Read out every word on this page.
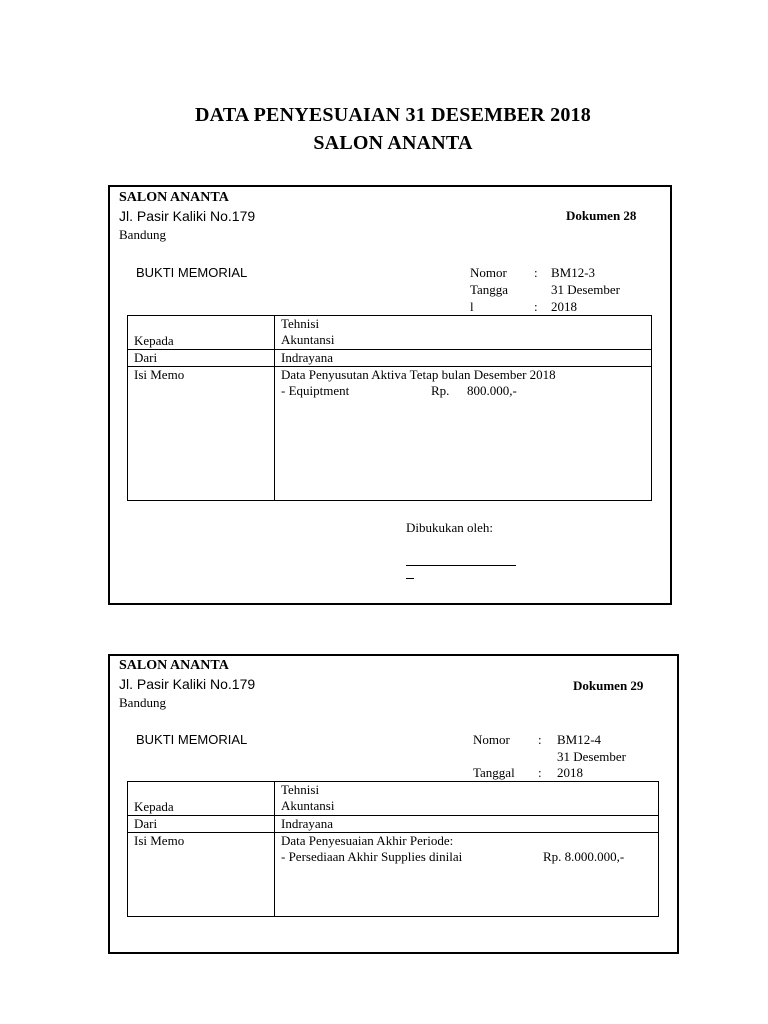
DATA PENYESUAIAN 31 DESEMBER 2018
SALON ANANTA
SALON ANANTA
Jl. Pasir Kaliki No.179
Bandung
Dokumen 28
BUKTI MEMORIAL	Nomor : BM12-3
Tangga
l	:
31 Desember
2018
Kepada	Tehnisi
Akuntansi

Dari	Indrayana
Isi Memo	Data Penyusutan Aktiva Tetap bulan Desember 2018
- Equiptment Rp. 800.000,-
Dibukukan oleh:
SALON ANANTA
Jl. Pasir Kaliki No.179
Bandung
Dokumen 29
BUKTI MEMORIAL	Nomor : BM12-4
Tanggal :
31 Desember
2018
Kepada	Tehnisi
Akuntansi

Dari	Indrayana
Isi Memo	Data Penyesuaian Akhir Periode:
- Persediaan Akhir Supplies dinilai Rp. 8.000.000,-
